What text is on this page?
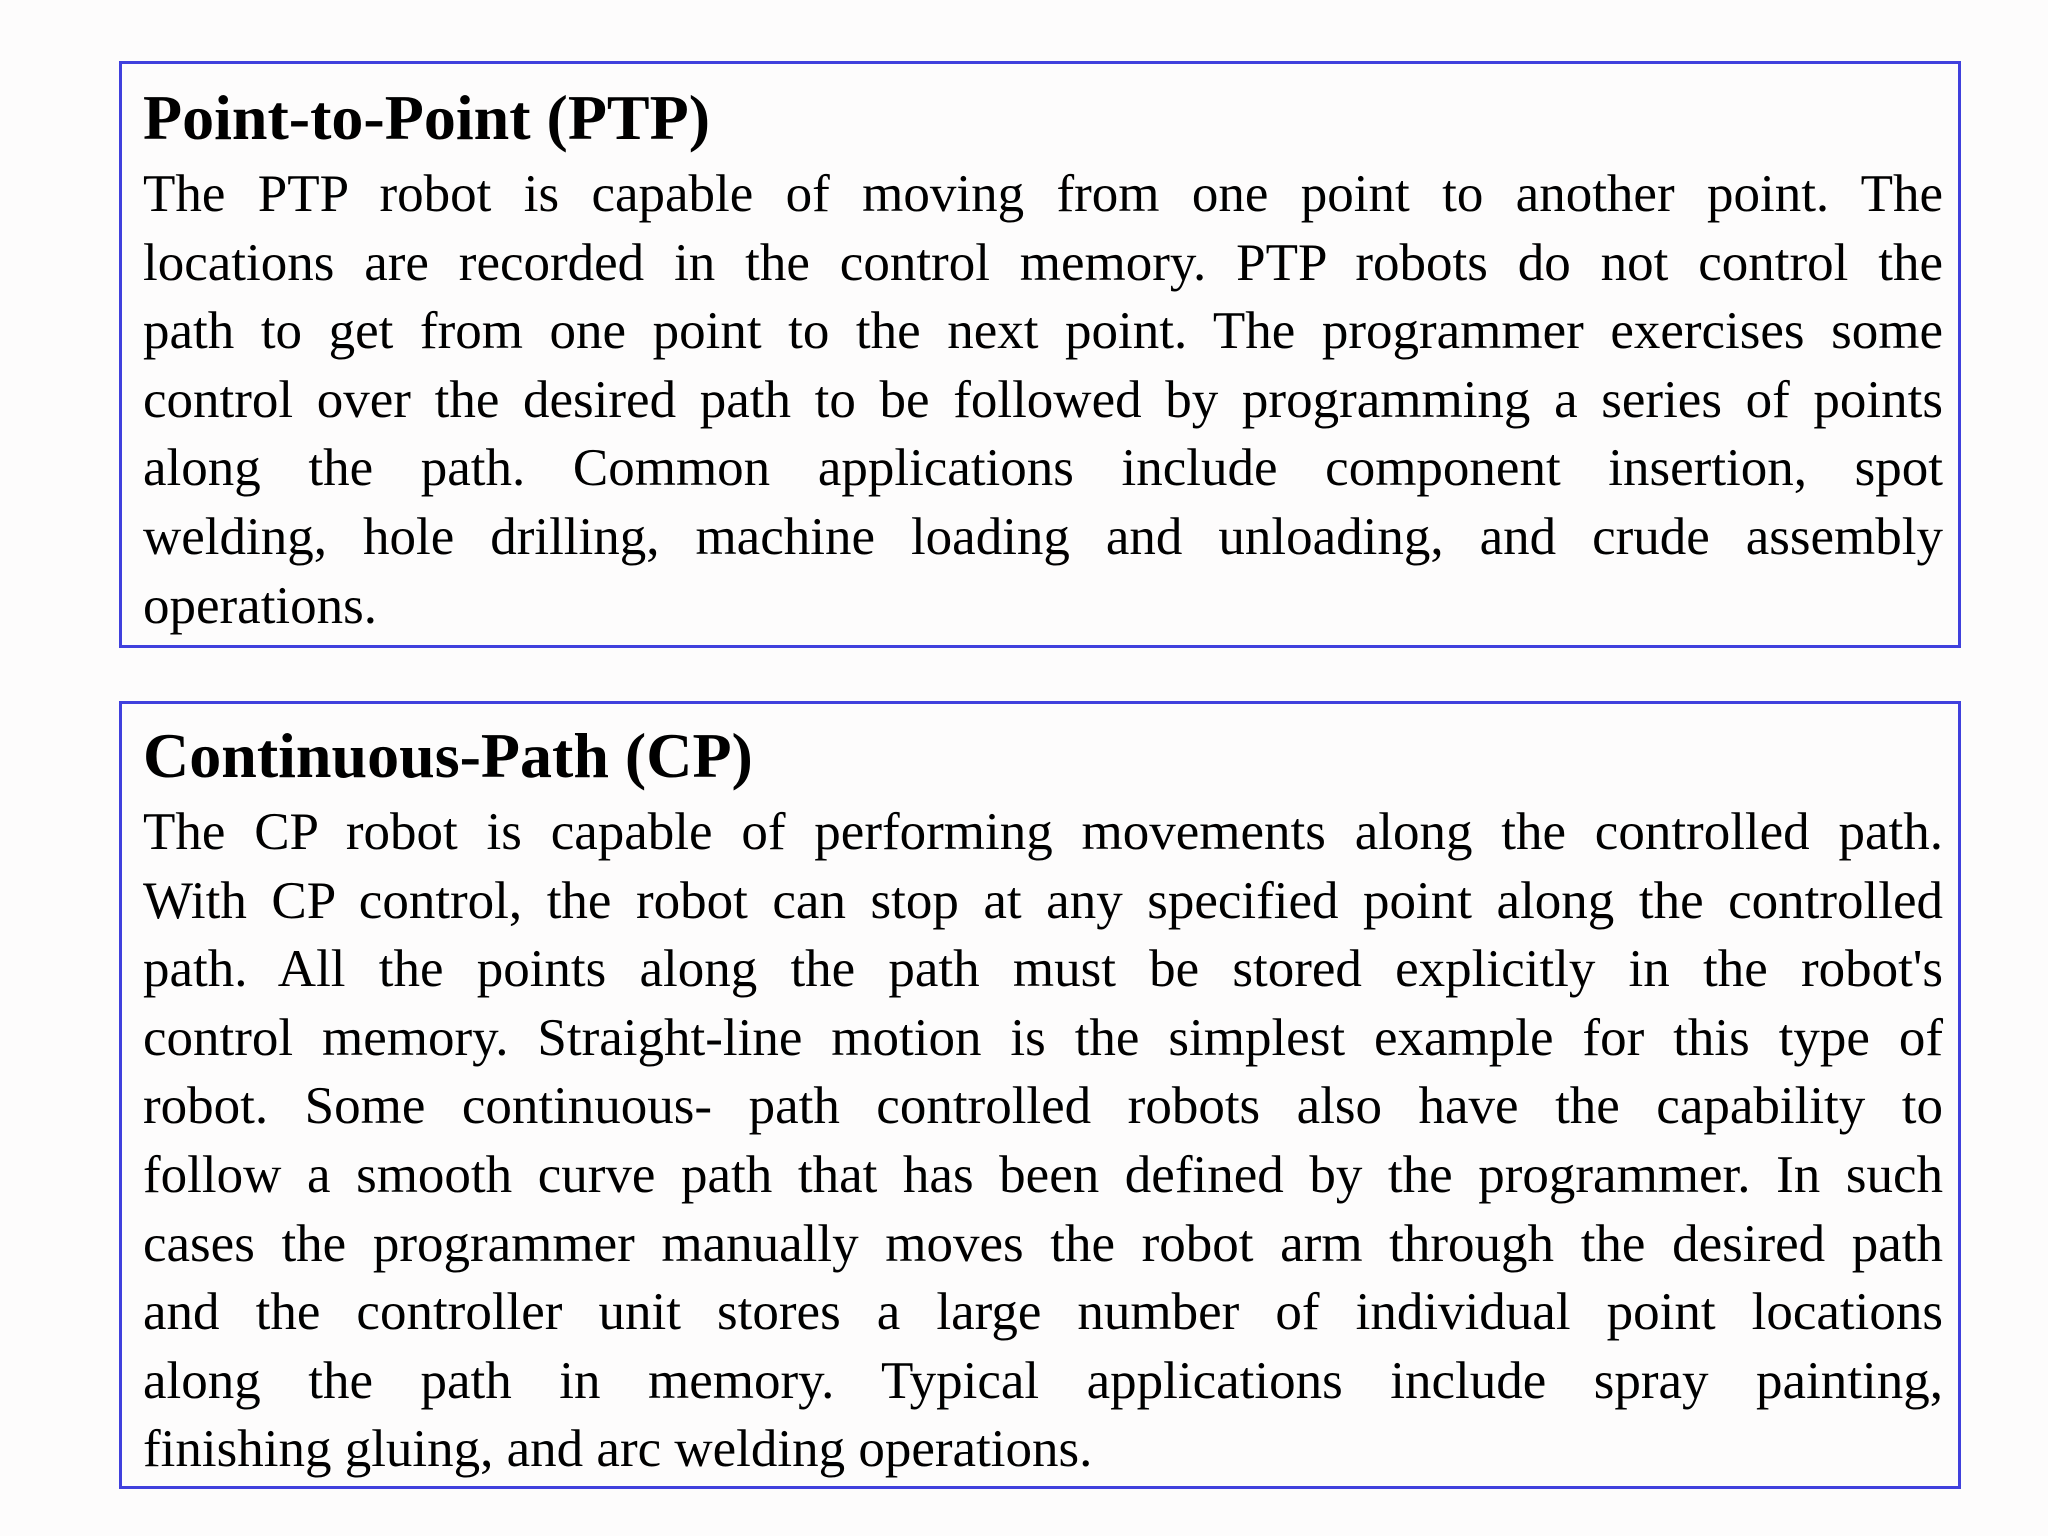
Point-to-Point (PTP)
The PTP robot is capable of moving from one point to another point. The
locations are recorded in the control memory. PTP robots do not control the
path to get from one point to the next point. The programmer exercises some
control over the desired path to be followed by programming a series of points
along the path. Common applications include component insertion, spot
welding, hole drilling, machine loading and unloading, and crude assembly
operations.
Continuous-Path (CP)
The CP robot is capable of performing movements along the controlled path.
With CP control, the robot can stop at any specified point along the controlled
path. All the points along the path must be stored explicitly in the robot's
control memory. Straight-line motion is the simplest example for this type of
robot. Some continuous- path controlled robots also have the capability to
follow a smooth curve path that has been defined by the programmer. In such
cases the programmer manually moves the robot arm through the desired path
and the controller unit stores a large number of individual point locations
along the path in memory. Typical applications include spray painting,
finishing gluing, and arc welding operations.
